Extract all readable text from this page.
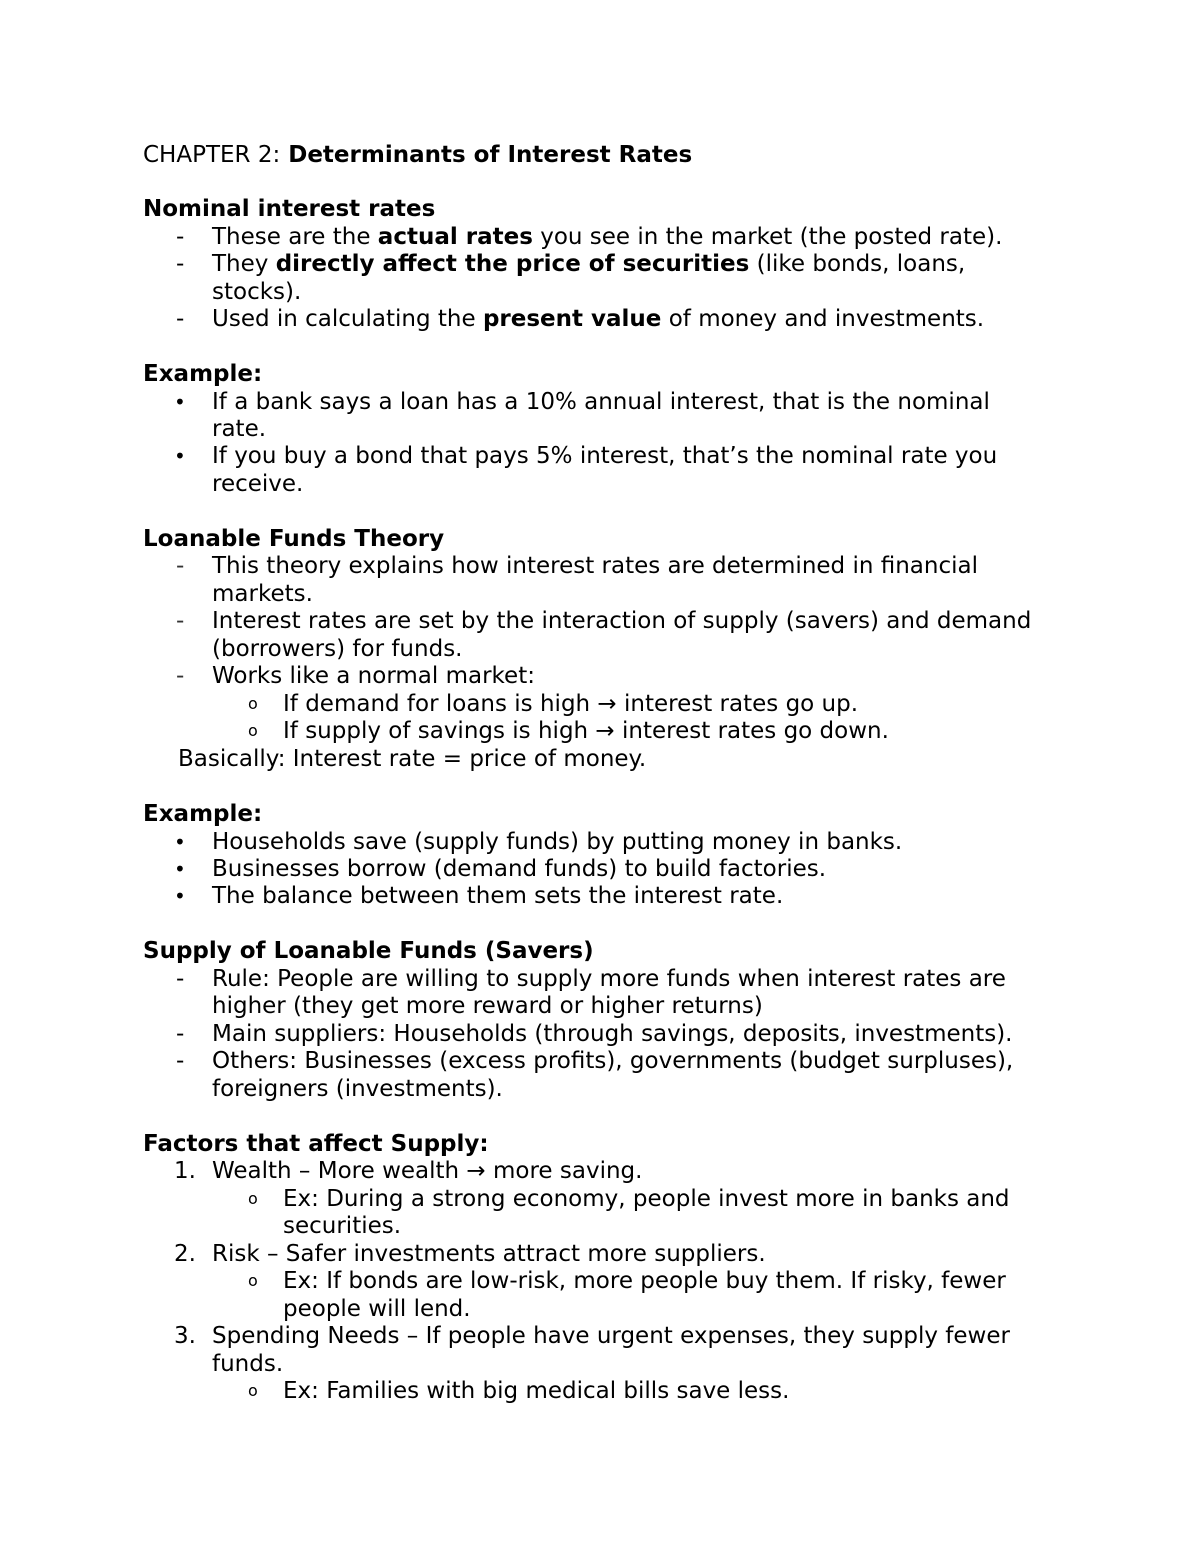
CHAPTER 2: Determinants of Interest Rates
Nominal interest rates
- These are the actual rates you see in the market (the posted rate).
- They directly affect the price of securities (like bonds, loans,
stocks).
- Used in calculating the present value of money and investments.
Example:
• If a bank says a loan has a 10% annual interest, that is the nominal
rate.
• If you buy a bond that pays 5% interest, that’s the nominal rate you
receive.
Loanable Funds Theory
- This theory explains how interest rates are determined in financial
markets.
- Interest rates are set by the interaction of supply (savers) and demand
(borrowers) for funds.
- Works like a normal market:
o If demand for loans is high → interest rates go up.
o If supply of savings is high → interest rates go down.
Basically: Interest rate = price of money.
Example:
• Households save (supply funds) by putting money in banks.
• Businesses borrow (demand funds) to build factories.
• The balance between them sets the interest rate.
Supply of Loanable Funds (Savers)
- Rule: People are willing to supply more funds when interest rates are
higher (they get more reward or higher returns)
- Main suppliers: Households (through savings, deposits, investments).
- Others: Businesses (excess profits), governments (budget surpluses),
foreigners (investments).
Factors that affect Supply:
1. Wealth – More wealth → more saving.
o Ex: During a strong economy, people invest more in banks and
securities.
2. Risk – Safer investments attract more suppliers.
o Ex: If bonds are low-risk, more people buy them. If risky, fewer
people will lend.
3. Spending Needs – If people have urgent expenses, they supply fewer
funds.
o Ex: Families with big medical bills save less.
